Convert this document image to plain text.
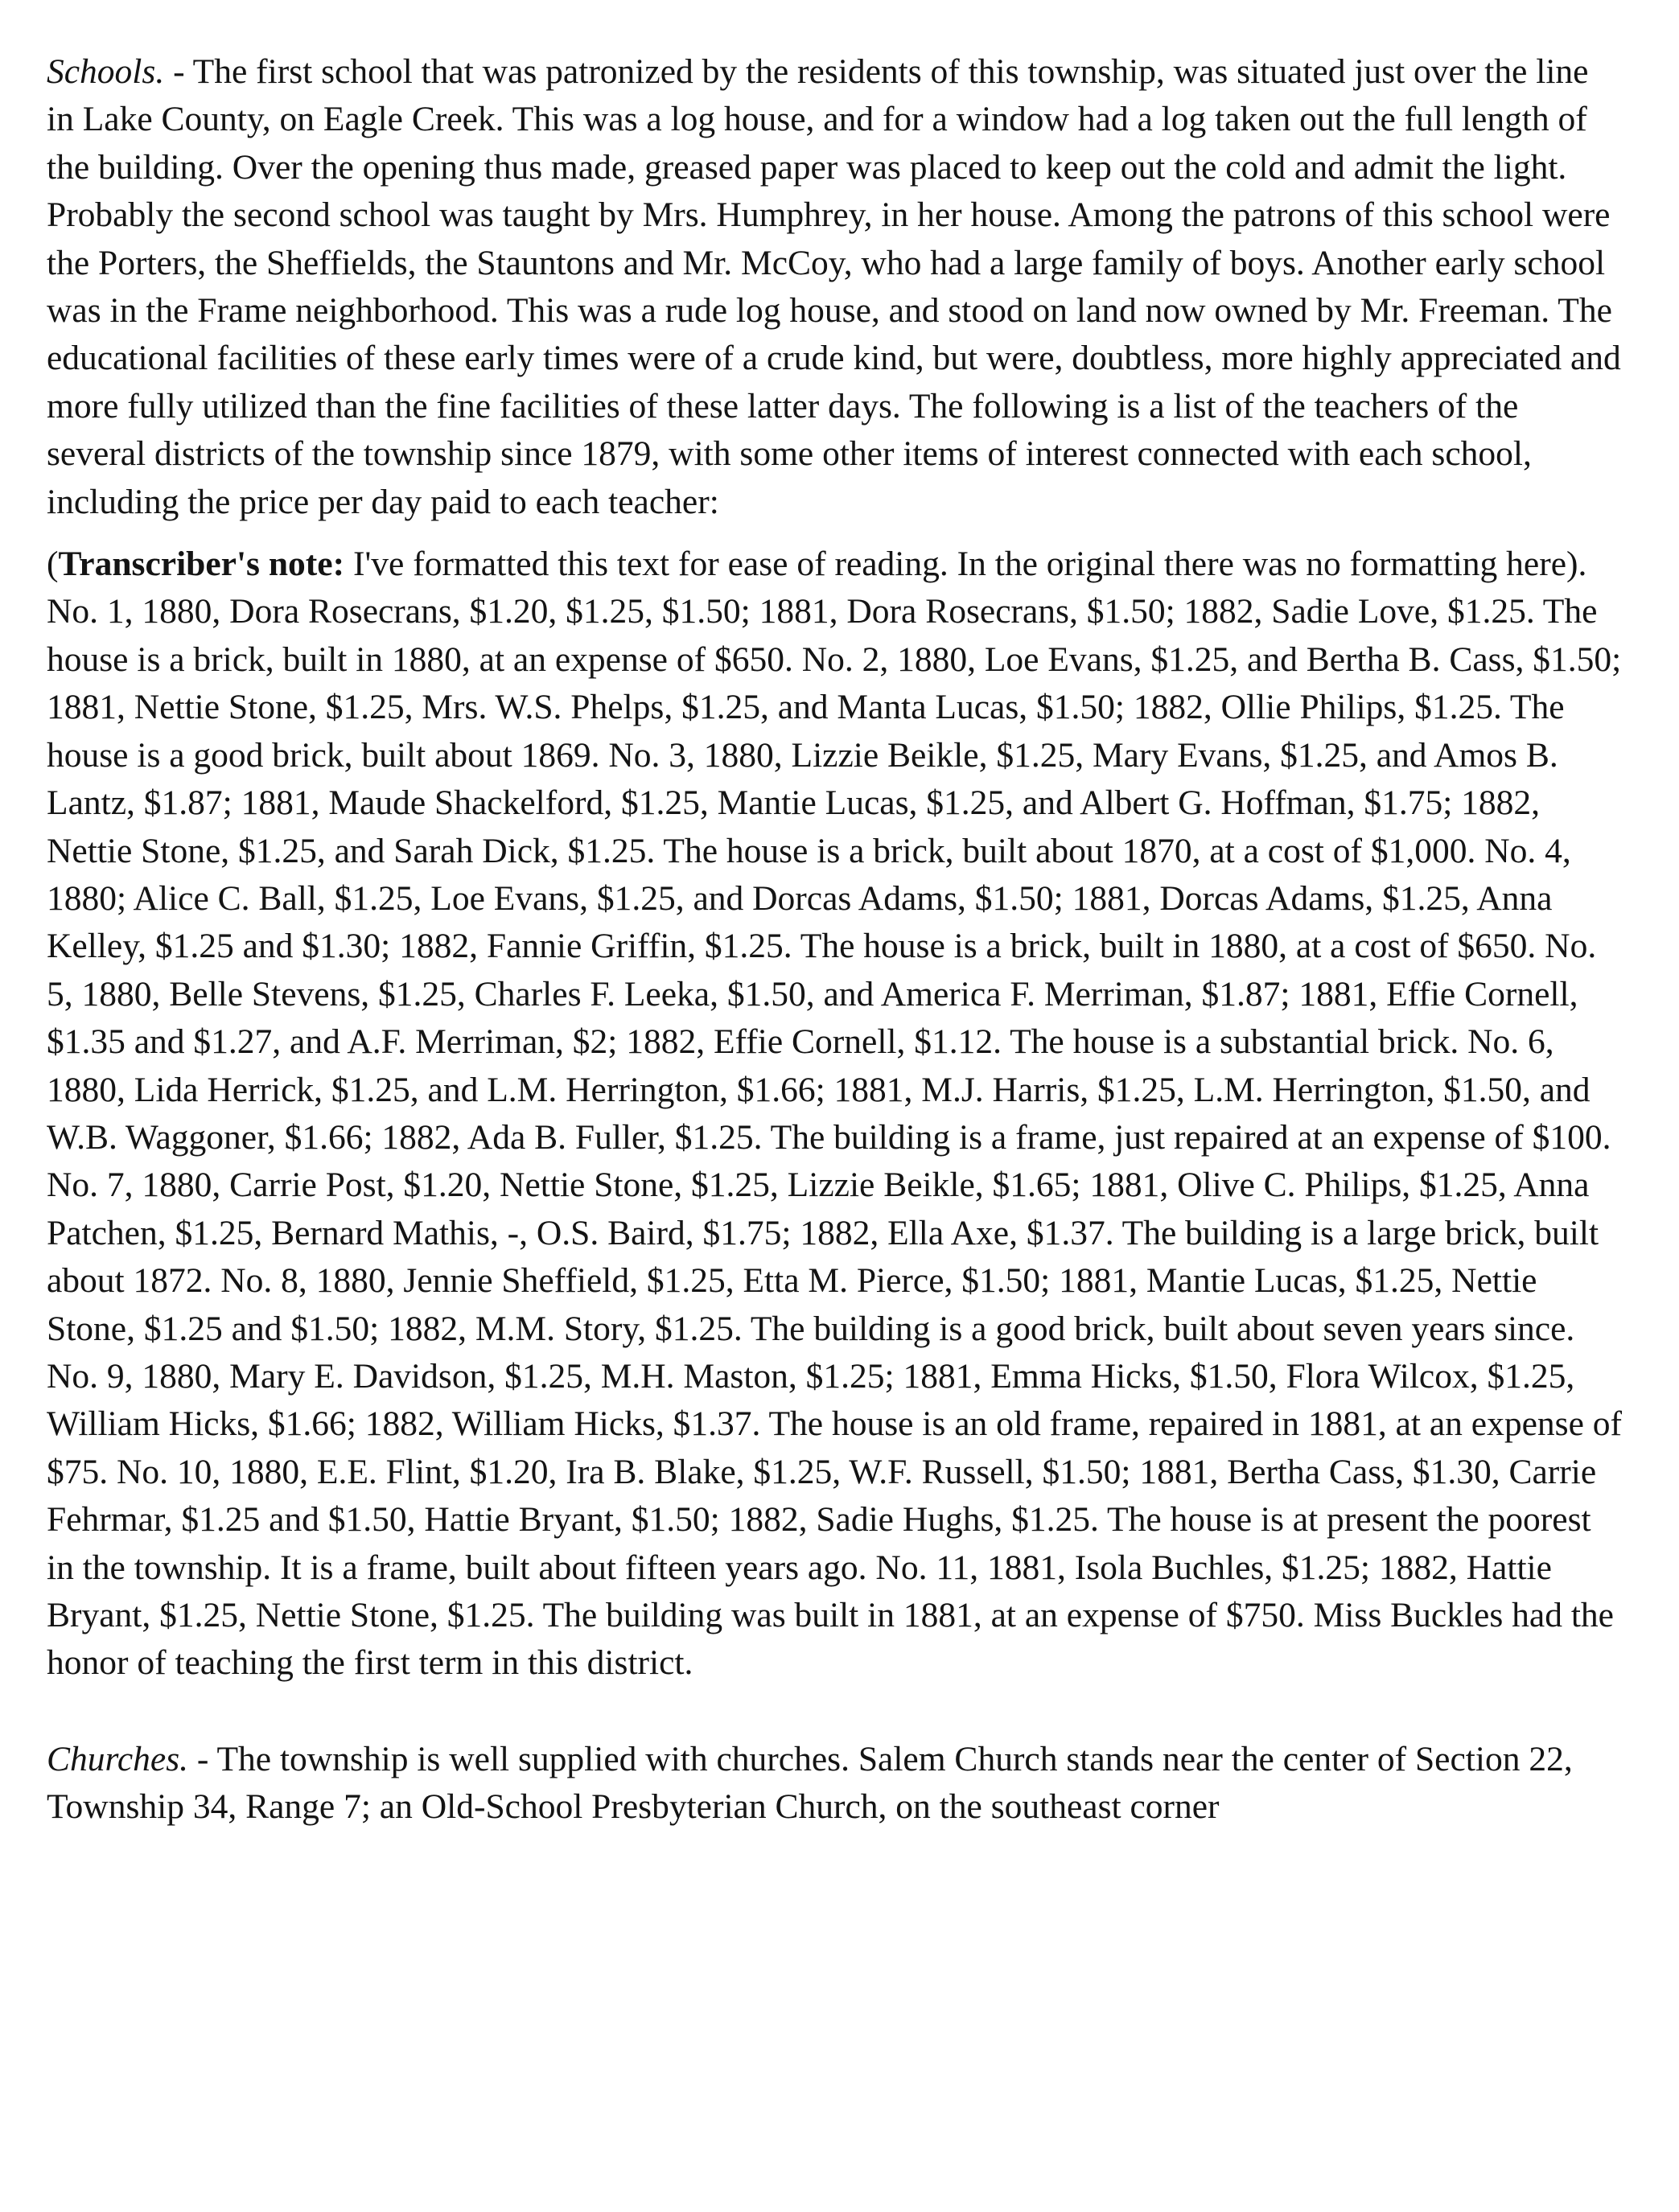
Schools. - The first school that was patronized by the residents of this township, was situated just over the line in Lake County, on Eagle Creek. This was a log house, and for a window had a log taken out the full length of the building. Over the opening thus made, greased paper was placed to keep out the cold and admit the light. Probably the second school was taught by Mrs. Humphrey, in her house. Among the patrons of this school were the Porters, the Sheffields, the Stauntons and Mr. McCoy, who had a large family of boys. Another early school was in the Frame neighborhood. This was a rude log house, and stood on land now owned by Mr. Freeman. The educational facilities of these early times were of a crude kind, but were, doubtless, more highly appreciated and more fully utilized than the fine facilities of these latter days. The following is a list of the teachers of the several districts of the township since 1879, with some other items of interest connected with each school, including the price per day paid to each teacher:

(Transcriber's note: I've formatted this text for ease of reading. In the original there was no formatting here).

No. 1, 1880, Dora Rosecrans, $1.20, $1.25, $1.50; 1881, Dora Rosecrans, $1.50; 1882, Sadie Love, $1.25. The house is a brick, built in 1880, at an expense of $650. No. 2, 1880, Loe Evans, $1.25, and Bertha B. Cass, $1.50; 1881, Nettie Stone, $1.25, Mrs. W.S. Phelps, $1.25, and Manta Lucas, $1.50; 1882, Ollie Philips, $1.25. The house is a good brick, built about 1869. No. 3, 1880, Lizzie Beikle, $1.25, Mary Evans, $1.25, and Amos B. Lantz, $1.87; 1881, Maude Shackelford, $1.25, Mantie Lucas, $1.25, and Albert G. Hoffman, $1.75; 1882, Nettie Stone, $1.25, and Sarah Dick, $1.25. The house is a brick, built about 1870, at a cost of $1,000. No. 4, 1880; Alice C. Ball, $1.25, Loe Evans, $1.25, and Dorcas Adams, $1.50; 1881, Dorcas Adams, $1.25, Anna Kelley, $1.25 and $1.30; 1882, Fannie Griffin, $1.25. The house is a brick, built in 1880, at a cost of $650. No. 5, 1880, Belle Stevens, $1.25, Charles F. Leeka, $1.50, and America F. Merriman, $1.87; 1881, Effie Cornell, $1.35 and $1.27, and A.F. Merriman, $2; 1882, Effie Cornell, $1.12. The house is a substantial brick. No. 6, 1880, Lida Herrick, $1.25, and L.M. Herrington, $1.66; 1881, M.J. Harris, $1.25, L.M. Herrington, $1.50, and W.B. Waggoner, $1.66; 1882, Ada B. Fuller, $1.25. The building is a frame, just repaired at an expense of $100. No. 7, 1880, Carrie Post, $1.20, Nettie Stone, $1.25, Lizzie Beikle, $1.65; 1881, Olive C. Philips, $1.25, Anna Patchen, $1.25, Bernard Mathis, -, O.S. Baird, $1.75; 1882, Ella Axe, $1.37. The building is a large brick, built about 1872. No. 8, 1880, Jennie Sheffield, $1.25, Etta M. Pierce, $1.50; 1881, Mantie Lucas, $1.25, Nettie Stone, $1.25 and $1.50; 1882, M.M. Story, $1.25. The building is a good brick, built about seven years since. No. 9, 1880, Mary E. Davidson, $1.25, M.H. Maston, $1.25; 1881, Emma Hicks, $1.50, Flora Wilcox, $1.25, William Hicks, $1.66; 1882, William Hicks, $1.37. The house is an old frame, repaired in 1881, at an expense of $75. No. 10, 1880, E.E. Flint, $1.20, Ira B. Blake, $1.25, W.F. Russell, $1.50; 1881, Bertha Cass, $1.30, Carrie Fehrmar, $1.25 and $1.50, Hattie Bryant, $1.50; 1882, Sadie Hughs, $1.25. The house is at present the poorest in the township. It is a frame, built about fifteen years ago. No. 11, 1881, Isola Buchles, $1.25; 1882, Hattie Bryant, $1.25, Nettie Stone, $1.25. The building was built in 1881, at an expense of $750. Miss Buckles had the honor of teaching the first term in this district.

Churches. - The township is well supplied with churches. Salem Church stands near the center of Section 22, Township 34, Range 7; an Old-School Presbyterian Church, on the southeast corner
